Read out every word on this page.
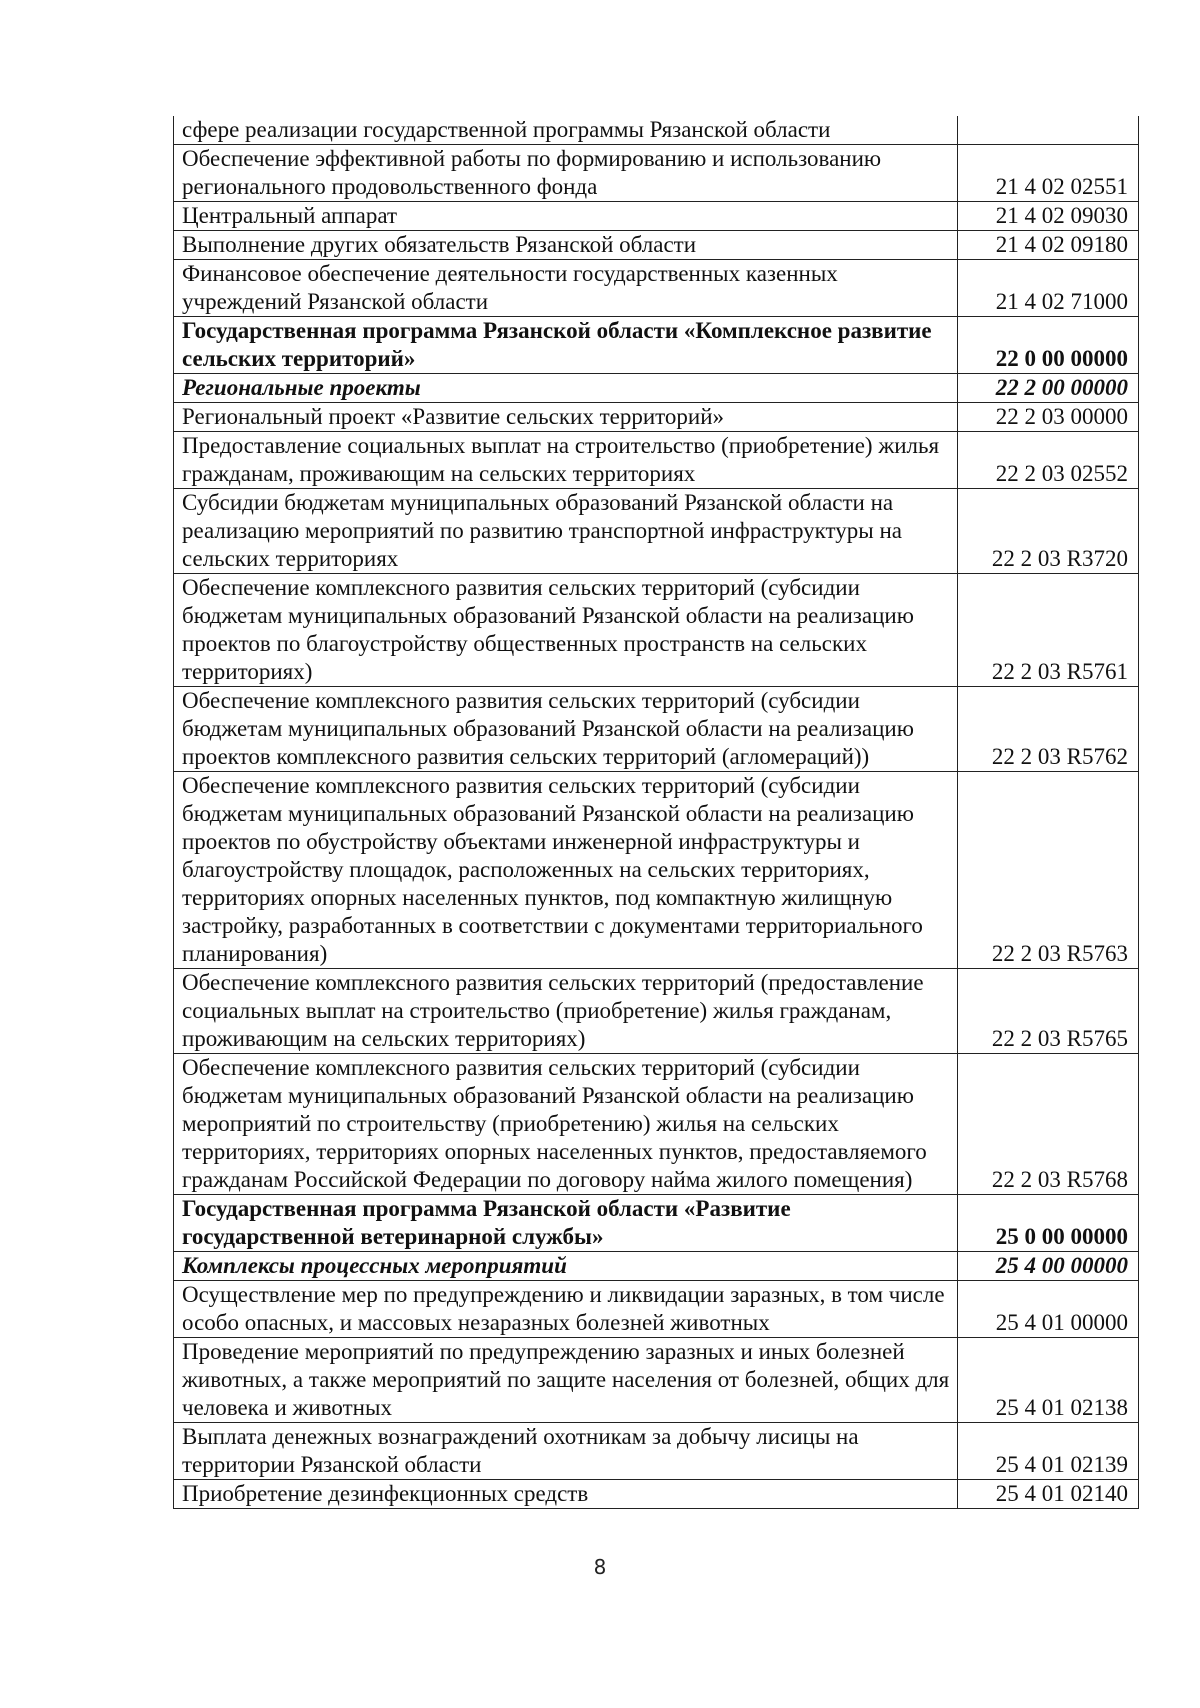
сфере реализации государственной программы Рязанской области	
Обеспечение эффективной работы по формированию и использованию регионального продовольственного фонда	21 4 02 02551
Центральный аппарат	21 4 02 09030
Выполнение других обязательств Рязанской области	21 4 02 09180
Финансовое обеспечение деятельности государственных казенных учреждений Рязанской области	21 4 02 71000
Государственная программа Рязанской области «Комплексное развитие сельских территорий»	22 0 00 00000
Региональные проекты	22 2 00 00000
Региональный проект «Развитие сельских территорий»	22 2 03 00000
Предоставление социальных выплат на строительство (приобретение) жилья гражданам, проживающим на сельских территориях	22 2 03 02552
Субсидии бюджетам муниципальных образований Рязанской области на реализацию мероприятий по развитию транспортной инфраструктуры на сельских территориях	22 2 03 R3720
Обеспечение комплексного развития сельских территорий (субсидии бюджетам муниципальных образований Рязанской области на реализацию проектов по благоустройству общественных пространств на сельских территориях)	22 2 03 R5761
Обеспечение комплексного развития сельских территорий (субсидии бюджетам муниципальных образований Рязанской области на реализацию проектов комплексного развития сельских территорий (агломераций))	22 2 03 R5762
Обеспечение комплексного развития сельских территорий (субсидии бюджетам муниципальных образований Рязанской области на реализацию проектов по обустройству объектами инженерной инфраструктуры и благоустройству площадок, расположенных на сельских территориях, территориях опорных населенных пунктов, под компактную жилищную застройку, разработанных в соответствии с документами территориального планирования)	22 2 03 R5763
Обеспечение комплексного развития сельских территорий (предоставление социальных выплат на строительство (приобретение) жилья гражданам, проживающим на сельских территориях)	22 2 03 R5765
Обеспечение комплексного развития сельских территорий (субсидии бюджетам муниципальных образований Рязанской области на реализацию мероприятий по строительству (приобретению) жилья на сельских территориях, территориях опорных населенных пунктов, предоставляемого гражданам Российской Федерации по договору найма жилого помещения)	22 2 03 R5768
Государственная программа Рязанской области «Развитие государственной ветеринарной службы»	25 0 00 00000
Комплексы процессных мероприятий	25 4 00 00000
Осуществление мер по предупреждению и ликвидации заразных, в том числе особо опасных, и массовых незаразных болезней животных	25 4 01 00000
Проведение мероприятий по предупреждению заразных и иных болезней животных, а также мероприятий по защите населения от болезней, общих для человека и животных	25 4 01 02138
Выплата денежных вознаграждений охотникам за добычу лисицы на территории Рязанской области	25 4 01 02139
Приобретение дезинфекционных средств	25 4 01 02140
8
